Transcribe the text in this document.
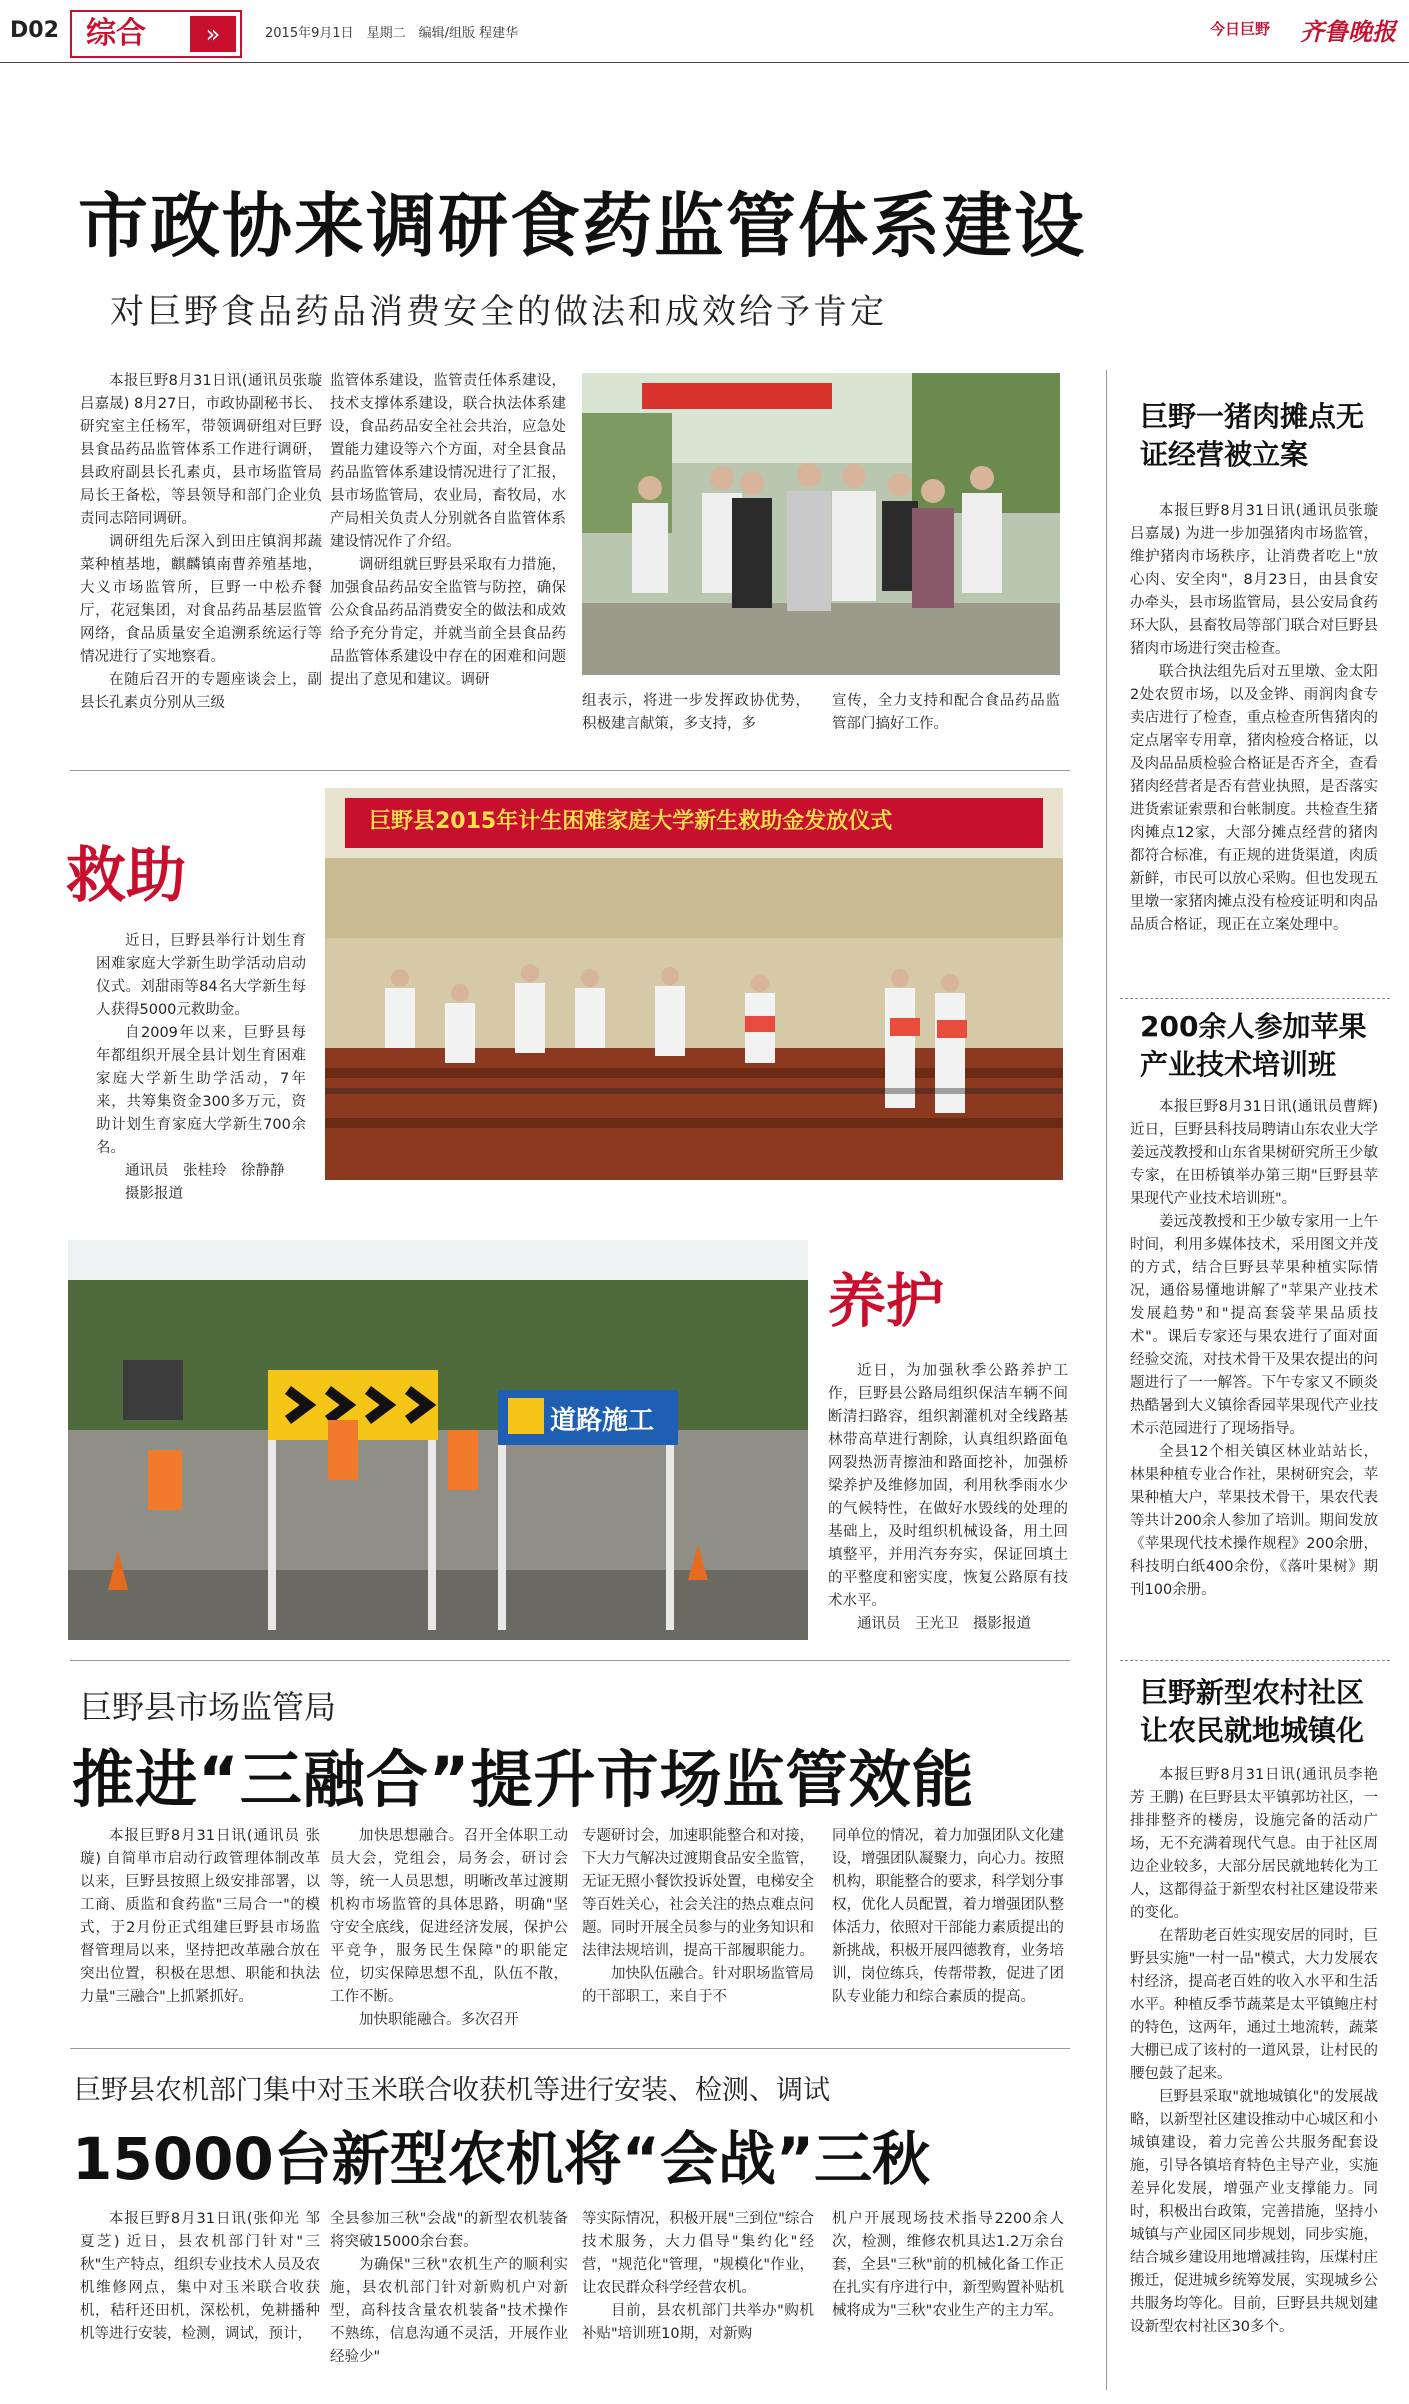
D02 综合	»	2015年9月1日　星期二　编辑/组版 程建华	今日巨野 齐鲁晚报
市政协来调研食药监管体系建设
对巨野食品药品消费安全的做法和成效给予肯定

本报巨野8月31日讯(通讯员张璇 吕嘉晟) 8月27日，市政协副秘书长、研究室主任杨军，带领调研组对巨野县食品药品监管体系工作进行调研，县政府副县长孔素贞，县市场监管局局长王备松，等县领导和部门企业负责同志陪同调研。

调研组先后深入到田庄镇润邦蔬菜种植基地，麒麟镇南曹养殖基地，大义市场监管所，巨野一中松乔餐厅，花冠集团，对食品药品基层监管网络，食品质量安全追溯系统运行等情况进行了实地察看。

在随后召开的专题座谈会上，副县长孔素贞分别从三级

监管体系建设，监管责任体系建设，技术支撑体系建设，联合执法体系建设，食品药品安全社会共治，应急处置能力建设等六个方面，对全县食品药品监管体系建设情况进行了汇报，县市场监管局，农业局，畜牧局，水产局相关负责人分别就各自监管体系建设情况作了介绍。

调研组就巨野县采取有力措施，加强食品药品安全监管与防控，确保公众食品药品消费安全的做法和成效给予充分肯定，并就当前全县食品药品监管体系建设中存在的困难和问题提出了意见和建议。调研

组表示，将进一步发挥政协优势，积极建言献策，多支持，多

宣传，全力支持和配合食品药品监管部门搞好工作。

巨野一猪肉摊点无证经营被立案

本报巨野8月31日讯(通讯员张璇 吕嘉晟) 为进一步加强猪肉市场监管，维护猪肉市场秩序，让消费者吃上"放心肉、安全肉"，8月23日，由县食安办牵头，县市场监管局，县公安局食药环大队，县畜牧局等部门联合对巨野县猪肉市场进行突击检查。

联合执法组先后对五里墩、金太阳2处农贸市场，以及金铧、雨润肉食专卖店进行了检查，重点检查所售猪肉的定点屠宰专用章，猪肉检疫合格证，以及肉品品质检验合格证是否齐全，查看猪肉经营者是否有营业执照，是否落实进货索证索票和台帐制度。共检查生猪肉摊点12家，大部分摊点经营的猪肉都符合标准，有正规的进货渠道，肉质新鲜，市民可以放心采购。但也发现五里墩一家猪肉摊点没有检疫证明和肉品品质合格证，现正在立案处理中。

200余人参加苹果产业技术培训班

本报巨野8月31日讯(通讯员曹辉) 近日，巨野县科技局聘请山东农业大学姜远茂教授和山东省果树研究所王少敏专家，在田桥镇举办第三期"巨野县苹果现代产业技术培训班"。

姜远茂教授和王少敏专家用一上午时间，利用多媒体技术，采用图文并茂的方式，结合巨野县苹果种植实际情况，通俗易懂地讲解了"苹果产业技术发展趋势"和"提高套袋苹果品质技术"。课后专家还与果农进行了面对面经验交流，对技术骨干及果农提出的问题进行了一一解答。下午专家又不顾炎热酷暑到大义镇徐香园苹果现代产业技术示范园进行了现场指导。

全县12个相关镇区林业站站长，林果种植专业合作社，果树研究会，苹果种植大户，苹果技术骨干，果农代表等共计200余人参加了培训。期间发放《苹果现代技术操作规程》200余册，科技明白纸400余份，《落叶果树》期刊100余册。

巨野新型农村社区让农民就地城镇化

本报巨野8月31日讯(通讯员李艳芳 王鹏) 在巨野县太平镇郭坊社区，一排排整齐的楼房，设施完备的活动广场，无不充满着现代气息。由于社区周边企业较多，大部分居民就地转化为工人，这都得益于新型农村社区建设带来的变化。

在帮助老百姓实现安居的同时，巨野县实施"一村一品"模式，大力发展农村经济，提高老百姓的收入水平和生活水平。种植反季节蔬菜是太平镇鲍庄村的特色，这两年，通过土地流转，蔬菜大棚已成了该村的一道风景，让村民的腰包鼓了起来。

巨野县采取"就地城镇化"的发展战略，以新型社区建设推动中心城区和小城镇建设，着力完善公共服务配套设施，引导各镇培育特色主导产业，实施差异化发展，增强产业支撑能力。同时，积极出台政策，完善措施，坚持小城镇与产业园区同步规划，同步实施，结合城乡建设用地增减挂钩，压煤村庄搬迁，促进城乡统筹发展，实现城乡公共服务均等化。目前，巨野县共规划建设新型农村社区30多个。

救助

近日，巨野县举行计划生育困难家庭大学新生助学活动启动仪式。刘甜雨等84名大学新生每人获得5000元救助金。

自2009年以来，巨野县每年都组织开展全县计划生育困难家庭大学新生助学活动，7年来，共筹集资金300多万元，资助计划生育家庭大学新生700余名。

通讯员　张桂玲　徐静静

摄影报道

巨野县2015年计生困难家庭大学新生救助金发放仪式
道路施工
养护

近日，为加强秋季公路养护工作，巨野县公路局组织保洁车辆不间断清扫路容，组织割灌机对全线路基林带高草进行割除，认真组织路面龟网裂热沥青擦油和路面挖补，加强桥梁养护及维修加固，利用秋季雨水少的气候特性，在做好水毁线的处理的基础上，及时组织机械设备，用土回填整平，并用汽夯夯实，保证回填土的平整度和密实度，恢复公路原有技术水平。

通讯员　王光卫　摄影报道

巨野县市场监管局
推进“三融合”提升市场监管效能

本报巨野8月31日讯(通讯员 张璇) 自简単市启动行政管理体制改革以来，巨野县按照上级安排部署，以工商、质监和食药监"三局合一"的模式，于2月份正式组建巨野县市场监督管理局以来，坚持把改革融合放在突出位置，积极在思想、职能和执法力量"三融合"上抓紧抓好。

加快思想融合。召开全体职工动员大会，党组会，局务会，研讨会等，统一人员思想，明晰改革过渡期机构市场监管的具体思路，明确"坚守安全底线，促进经济发展，保护公平竞争，服务民生保障"的职能定位，切实保障思想不乱，队伍不散，工作不断。

加快职能融合。多次召开

专题研讨会，加速职能整合和对接，下大力气解决过渡期食品安全监管，无证无照小餐饮投诉处置，电梯安全等百姓关心，社会关注的热点难点问题。同时开展全员参与的业务知识和法律法规培训，提高干部履职能力。

加快队伍融合。针对职场监管局的干部职工，来自于不

同单位的情况，着力加强团队文化建设，增强团队凝聚力，向心力。按照机构，职能整合的要求，科学划分事权，优化人员配置，着力增强团队整体活力，依照对干部能力素质提出的新挑战，积极开展四德教育，业务培训，岗位练兵，传帮带教，促进了团队专业能力和综合素质的提高。

巨野县农机部门集中对玉米联合收获机等进行安装、检测、调试
15000台新型农机将“会战”三秋

本报巨野8月31日讯(张仰光 邹夏芝) 近日，县农机部门针对"三秋"生产特点，组织专业技术人员及农机维修网点，集中对玉米联合收获机，秸秆还田机，深松机，免耕播种机等进行安装，检测，调试，预计，

全县参加三秋"会战"的新型农机装备将突破15000余台套。

为确保"三秋"农机生产的顺利实施，县农机部门针对新购机户对新型，高科技含量农机装备"技术操作不熟练，信息沟通不灵活，开展作业经验少"

等实际情况，积极开展"三到位"综合技术服务，大力倡导"集约化"经营，"规范化"管理，"规模化"作业，让农民群众科学经营农机。

目前，县农机部门共举办"购机补贴"培训班10期，对新购

机户开展现场技术指导2200余人次，检测，维修农机具达1.2万余台套，全县"三秋"前的机械化备工作正在扎实有序进行中，新型购置补贴机械将成为"三秋"农业生产的主力军。
